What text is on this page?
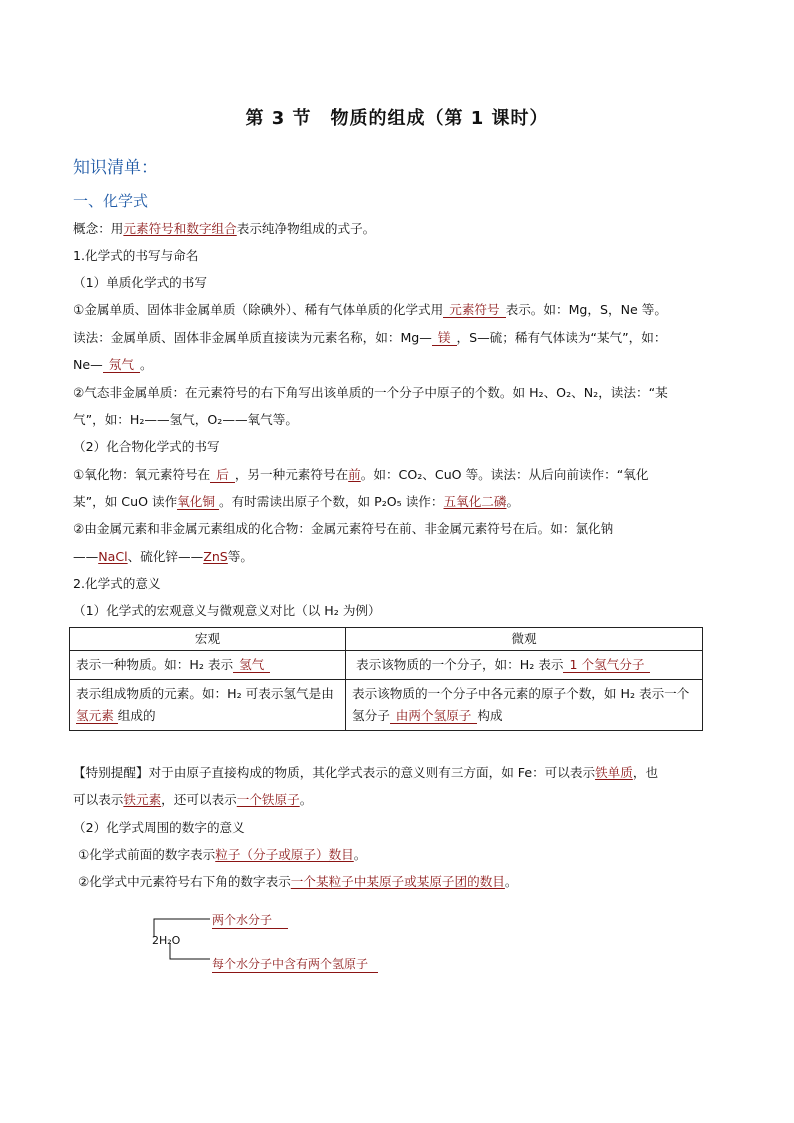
第 3 节　物质的组成（第 1 课时）
知识清单：
一、化学式
概念：用元素符号和数字组合表示纯净物组成的式子。
1.化学式的书写与命名
（1）单质化学式的书写
①金属单质、固体非金属单质（除碘外）、稀有气体单质的化学式用 元素符号 表示。如：Mg，S，Ne 等。
读法：金属单质、固体非金属单质直接读为元素名称，如：Mg— 镁 ，S—硫；稀有气体读为“某气”，如：
Ne— 氖气 。
②气态非金属单质：在元素符号的右下角写出该单质的一个分子中原子的个数。如 H₂、O₂、N₂，读法：“某
气”，如：H₂——氢气，O₂——氧气等。
（2）化合物化学式的书写
①氧化物：氧元素符号在 后 ，另一种元素符号在前。如：CO₂、CuO 等。读法：从后向前读作：“氧化
某”，如 CuO 读作氧化铜 。有时需读出原子个数，如 P₂O₅ 读作：五氧化二磷。
②由金属元素和非金属元素组成的化合物：金属元素符号在前、非金属元素符号在后。如：氯化钠
——NaCl、硫化锌——ZnS等。
2.化学式的意义
（1）化学式的宏观意义与微观意义对比（以 H₂ 为例）
宏观	微观
表示一种物质。如：H₂ 表示 氢气	表示该物质的一个分子，如：H₂ 表示 1 个氢气分子
表示组成物质的元素。如：H₂ 可表示氢气是由氢元素 组成的	表示该物质的一个分子中各元素的原子个数，如 H₂ 表示一个氢分子 由两个氢原子 构成
【特别提醒】对于由原子直接构成的物质，其化学式表示的意义则有三方面，如 Fe：可以表示铁单质，也
可以表示铁元素，还可以表示一个铁原子。
（2）化学式周围的数字的意义
①化学式前面的数字表示粒子（分子或原子）数目。
②化学式中元素符号右下角的数字表示一个某粒子中某原子或某原子团的数目。
2H₂O
两个水分子
每个水分子中含有两个氢原子
